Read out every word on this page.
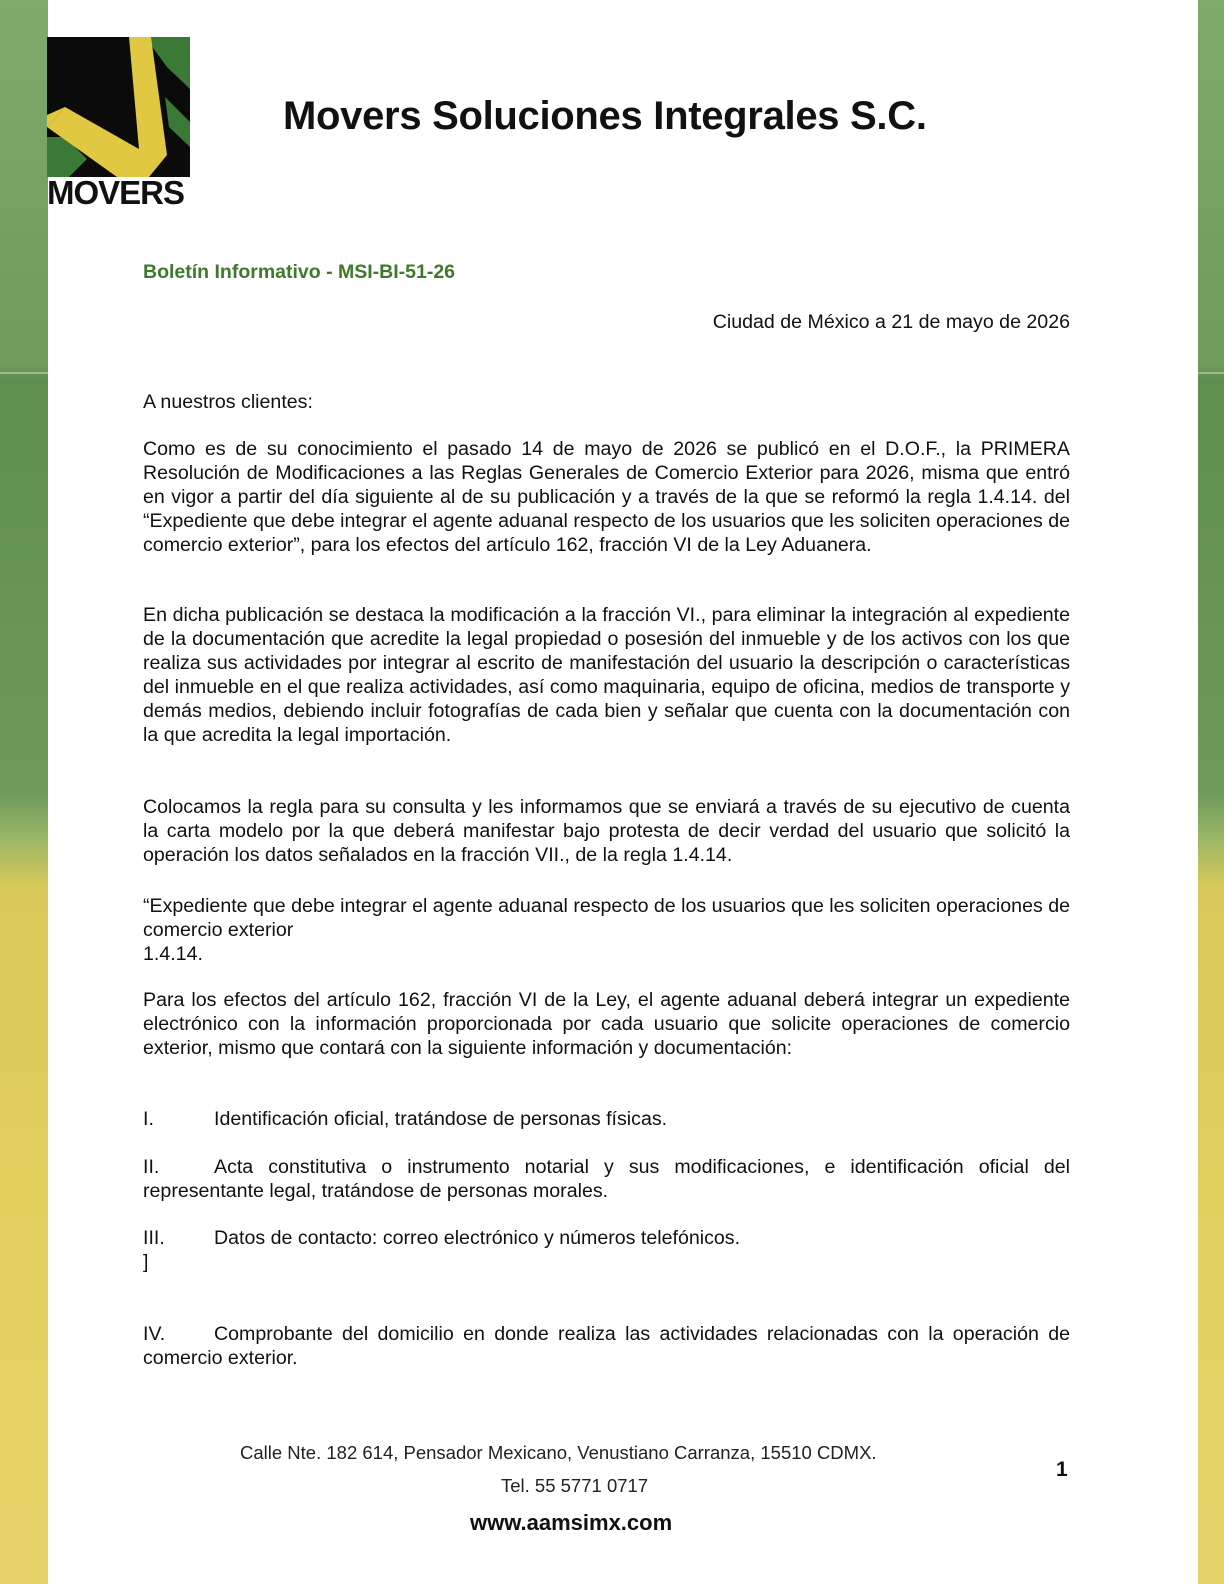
MOVERS
Movers Soluciones Integrales S.C.
Boletín Informativo - MSI-BI-51-26
Ciudad de México a 21 de mayo de 2026

A nuestros clientes:

Como es de su conocimiento el pasado 14 de mayo de 2026 se publicó en el D.O.F., la PRIMERA Resolución de Modificaciones a las Reglas Generales de Comercio Exterior para 2026, misma que entró en vigor a partir del día siguiente al de su publicación y a través de la que se reformó la regla 1.4.14. del “Expediente que debe integrar el agente aduanal respecto de los usuarios que les soliciten operaciones de comercio exterior”, para los efectos del artículo 162, fracción VI de la Ley Aduanera.

En dicha publicación se destaca la modificación a la fracción VI., para eliminar la integración al expediente de la documentación que acredite la legal propiedad o posesión del inmueble y de los activos con los que realiza sus actividades por integrar al escrito de manifestación del usuario la descripción o características del inmueble en el que realiza actividades, así como maquinaria, equipo de oficina, medios de transporte y demás medios, debiendo incluir fotografías de cada bien y señalar que cuenta con la documentación con la que acredita la legal importación.

Colocamos la regla para su consulta y les informamos que se enviará a través de su ejecutivo de cuenta la carta modelo por la que deberá manifestar bajo protesta de decir verdad del usuario que solicitó la operación los datos señalados en la fracción VII., de la regla 1.4.14.

“Expediente que debe integrar el agente aduanal respecto de los usuarios que les soliciten operaciones de comercio exterior

1.4.14.

Para los efectos del artículo 162, fracción VI de la Ley, el agente aduanal deberá integrar un expediente electrónico con la información proporcionada por cada usuario que solicite operaciones de comercio exterior, mismo que contará con la siguiente información y documentación:

I.	Identificación oficial, tratándose de personas físicas.
II.	Acta constitutiva o instrumento notarial y sus modificaciones, e identificación oficial del representante legal, tratándose de personas morales.
III.	Datos de contacto: correo electrónico y números telefónicos.
]
IV. Comprobante del domicilio en donde realiza las actividades relacionadas con la operación de comercio exterior.
Calle Nte. 182 614, Pensador Mexicano, Venustiano Carranza, 15510 CDMX.
Tel. 55 5771 0717
www.aamsimx.com
1
